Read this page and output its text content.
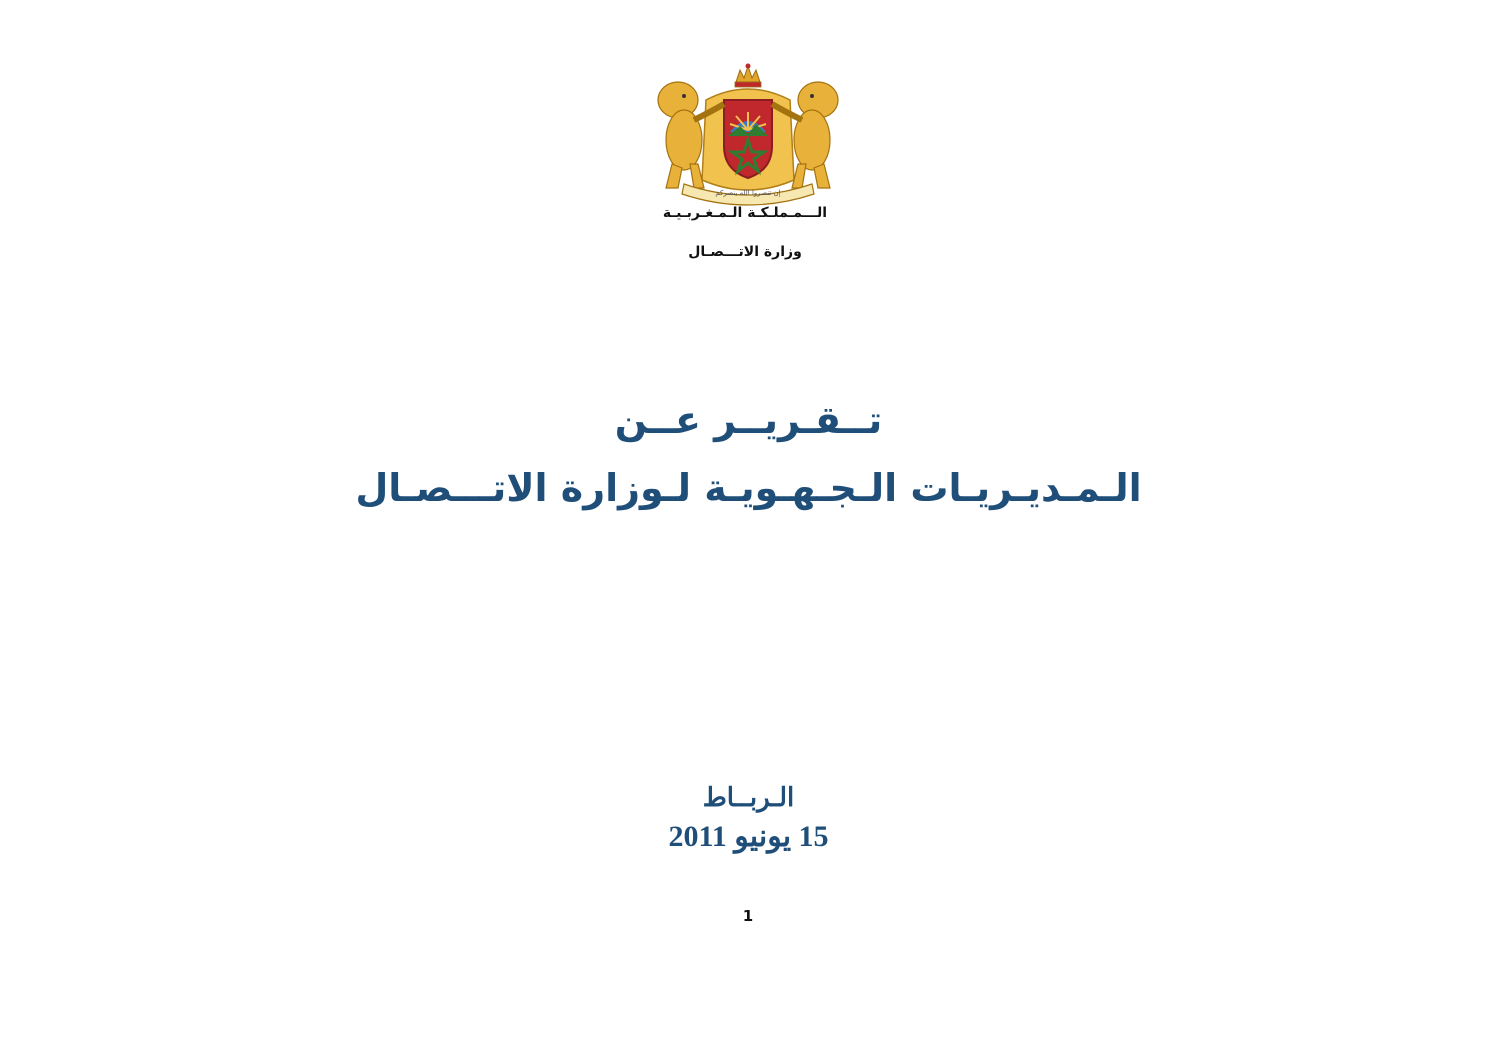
إن تنصروا الله ينصركم
الـــمـملـكـة الـمـغـربـيـة
وزارة الاتـــصـال
تــقـريــر عــن
الـمـديـريـات الـجـهـويـة لـوزارة الاتـــصـال
الـربــاط
15 يونيو 2011
1
